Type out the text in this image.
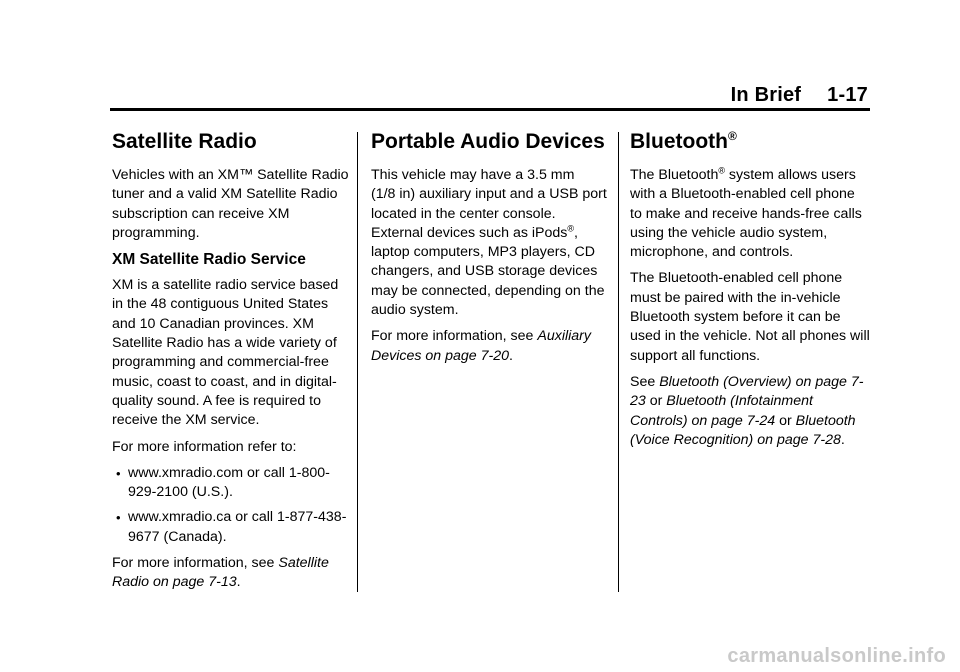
In Brief 1-17
Satellite Radio

Vehicles with an XM™ Satellite Radio tuner and a valid XM Satellite Radio subscription can receive XM programming.

XM Satellite Radio Service

XM is a satellite radio service based in the 48 contiguous United States and 10 Canadian provinces. XM Satellite Radio has a wide variety of programming and commercial-free music, coast to coast, and in digital-quality sound. A fee is required to receive the XM service.

For more information refer to:

• www.xmradio.com or call 1-800-929-2100 (U.S.).
• www.xmradio.ca or call 1-877-438-9677 (Canada).

For more information, see Satellite Radio on page 7-13.

Portable Audio Devices

This vehicle may have a 3.5 mm (1/8 in) auxiliary input and a USB port located in the center console. External devices such as iPods®, laptop computers, MP3 players, CD changers, and USB storage devices may be connected, depending on the audio system.

For more information, see Auxiliary Devices on page 7-20.

Bluetooth®

The Bluetooth® system allows users with a Bluetooth-enabled cell phone to make and receive hands-free calls using the vehicle audio system, microphone, and controls.

The Bluetooth-enabled cell phone must be paired with the in-vehicle Bluetooth system before it can be used in the vehicle. Not all phones will support all functions.

See Bluetooth (Overview) on page 7-23 or Bluetooth (Infotainment Controls) on page 7-24 or Bluetooth (Voice Recognition) on page 7-28.

carmanualsonline.info
